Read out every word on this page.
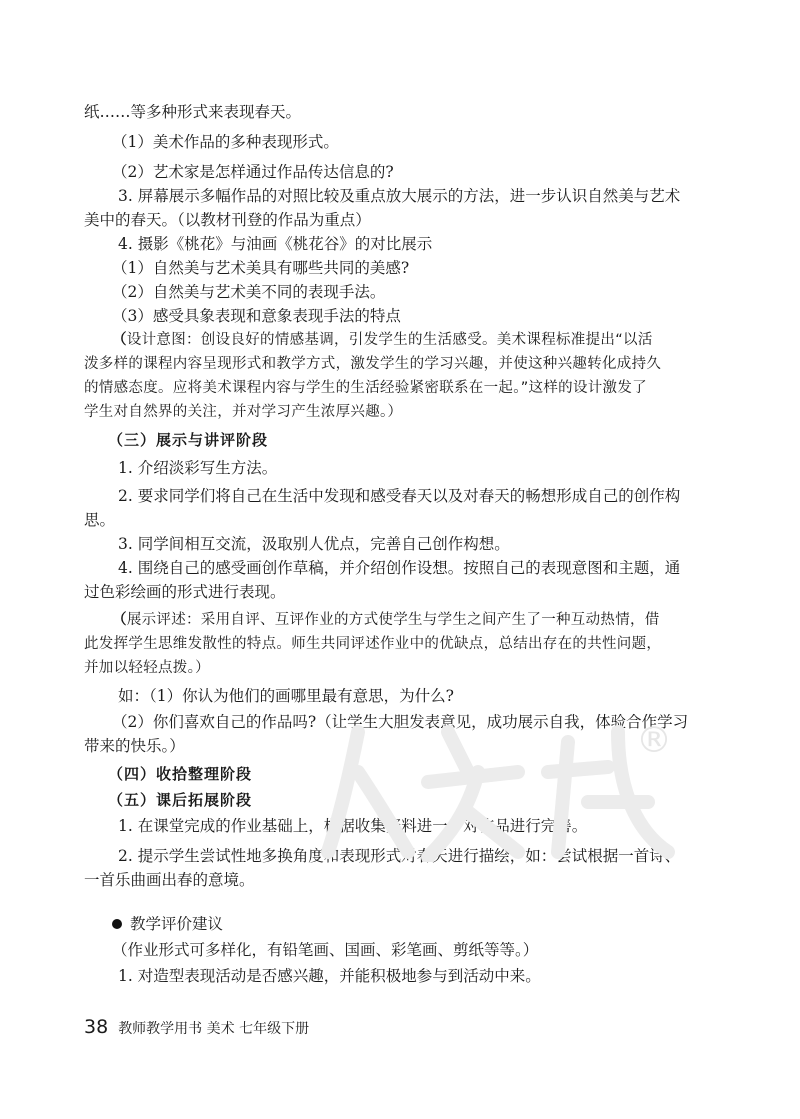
纸……等多种形式来表现春天。
（1）美术作品的多种表现形式。
（2）艺术家是怎样通过作品传达信息的?
3. 屏幕展示多幅作品的对照比较及重点放大展示的方法，进一步认识自然美与艺术
美中的春天。（以教材刊登的作品为重点）
4. 摄影《桃花》与油画《桃花谷》的对比展示
（1）自然美与艺术美具有哪些共同的美感?
（2）自然美与艺术美不同的表现手法。
（3）感受具象表现和意象表现手法的特点
（设计意图：创设良好的情感基调，引发学生的生活感受。美术课程标准提出“以活
泼多样的课程内容呈现形式和教学方式，激发学生的学习兴趣，并使这种兴趣转化成持久
的情感态度。应将美术课程内容与学生的生活经验紧密联系在一起。”这样的设计激发了
学生对自然界的关注，并对学习产生浓厚兴趣。）
（三）展示与讲评阶段
1. 介绍淡彩写生方法。
2. 要求同学们将自己在生活中发现和感受春天以及对春天的畅想形成自己的创作构
思。
3. 同学间相互交流，汲取别人优点，完善自己创作构想。
4. 围绕自己的感受画创作草稿，并介绍创作设想。按照自己的表现意图和主题，通
过色彩绘画的形式进行表现。
（展示评述：采用自评、互评作业的方式使学生与学生之间产生了一种互动热情，借
此发挥学生思维发散性的特点。师生共同评述作业中的优缺点，总结出存在的共性问题，
并加以轻轻点拨。）
如：（1）你认为他们的画哪里最有意思，为什么?
（2）你们喜欢自己的作品吗?（让学生大胆发表意见，成功展示自我，体验合作学习
带来的快乐。）
（四）收拾整理阶段
（五）课后拓展阶段
1. 在课堂完成的作业基础上，根据收集资料进一步对作品进行完善。
2. 提示学生尝试性地多换角度和表现形式对春天进行描绘，如：尝试根据一首诗、
一首乐曲画出春的意境。
教学评价建议
（作业形式可多样化，有铅笔画、国画、彩笔画、剪纸等等。）
1. 对造型表现活动是否感兴趣，并能积极地参与到活动中来。
38 教师教学用书 美术 七年级下册
®
